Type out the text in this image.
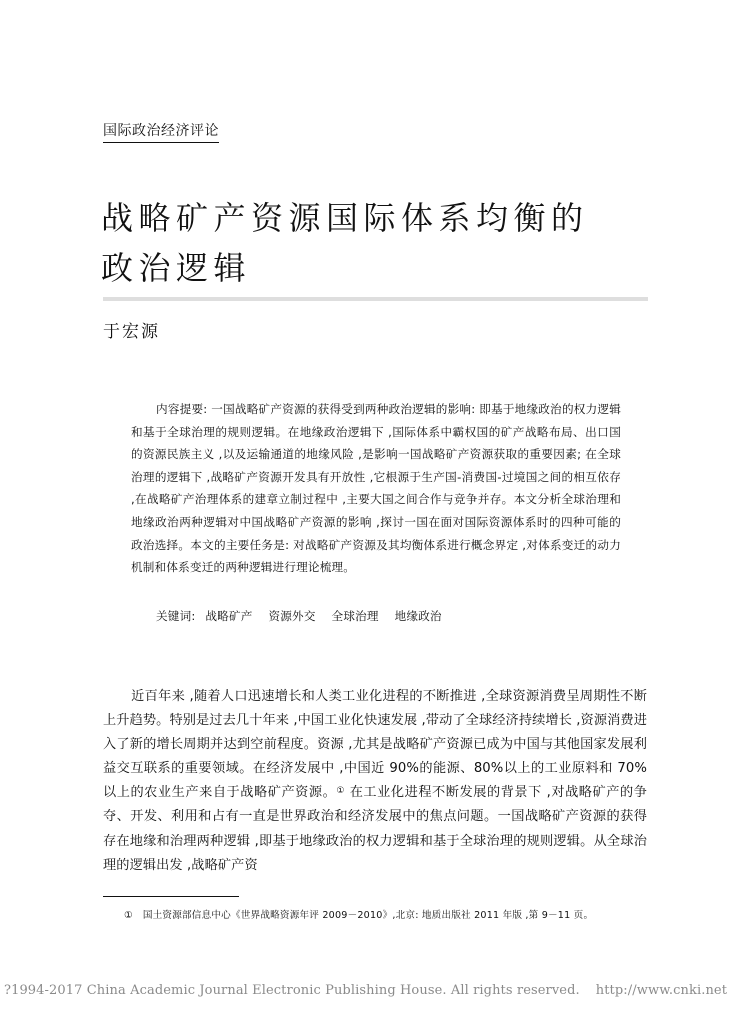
国际政治经济评论
战略矿产资源国际体系均衡的
政治逻辑
于宏源

内容提要: 一国战略矿产资源的获得受到两种政治逻辑的影响: 即基于地缘政治的权力逻辑和基于全球治理的规则逻辑。在地缘政治逻辑下 ,国际体系中霸权国的矿产战略布局、出口国的资源民族主义 ,以及运输通道的地缘风险 ,是影响一国战略矿产资源获取的重要因素; 在全球治理的逻辑下 ,战略矿产资源开发具有开放性 ,它根源于生产国-消费国-过境国之间的相互依存 ,在战略矿产治理体系的建章立制过程中 ,主要大国之间合作与竞争并存。本文分析全球治理和地缘政治两种逻辑对中国战略矿产资源的影响 ,探讨一国在面对国际资源体系时的四种可能的政治选择。本文的主要任务是: 对战略矿产资源及其均衡体系进行概念界定 ,对体系变迁的动力机制和体系变迁的两种逻辑进行理论梳理。

关键词: 战略矿产 资源外交 全球治理 地缘政治

近百年来 ,随着人口迅速增长和人类工业化进程的不断推进 ,全球资源消费呈周期性不断上升趋势。特别是过去几十年来 ,中国工业化快速发展 ,带动了全球经济持续增长 ,资源消费进入了新的增长周期并达到空前程度。资源 ,尤其是战略矿产资源已成为中国与其他国家发展利益交互联系的重要领域。在经济发展中 ,中国近 90%的能源、80%以上的工业原料和 70%以上的农业生产来自于战略矿产资源。① 在工业化进程不断发展的背景下 ,对战略矿产的争夺、开发、利用和占有一直是世界政治和经济发展中的焦点问题。一国战略矿产资源的获得存在地缘和治理两种逻辑 ,即基于地缘政治的权力逻辑和基于全球治理的规则逻辑。从全球治理的逻辑出发 ,战略矿产资

① 国土资源部信息中心《世界战略资源年评 2009－2010》,北京: 地质出版社 2011 年版 ,第 9－11 页。
?1994-2017 China Academic Journal Electronic Publishing House. All rights reserved. http://www.cnki.net
